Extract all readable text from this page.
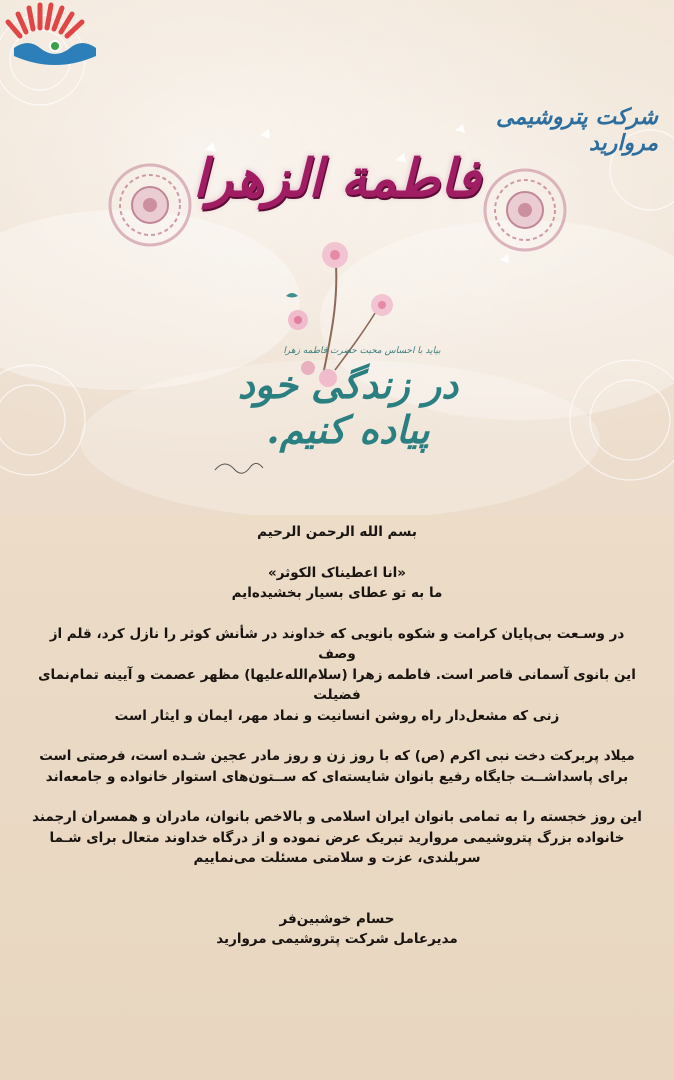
شرکت پتروشیمی مروارید
فاطمة الزهرا
بیاید با احساس محبت حضرت فاطمه زهرا
در زندگی خود پیاده کنیم.

بسم الله الرحمن الرحیم

«انا اعطیناک الکوثر»

ما به تو عطای بسیار بخشیده‌ایم

در وسـعت بی‌پایان کرامت و شکوه بانویی که خداوند در شأنش کوثر را نازل کرد، قلم از وصف

این بانوی آسمانی قاصر است. فاطمه زهرا (سلام‌الله‌علیها) مظهر عصمت و آیینه تمام‌نمای فضیلت

زنی که مشعل‌دار راه روشن انسانیت و نماد مهر، ایمان و ایثار است

میلاد پربرکت دخت نبی اکرم (ص) که با روز زن و روز مادر عجین شـده است، فرصتی است

برای پاسداشــت جایگاه رفیع بانوان شایسته‌ای که ســتون‌های استوار خانواده و جامعه‌اند

این روز خجسته را به تمامی بانوان ایران اسلامی و بالاخص بانوان، مادران و همسران ارجمند

خانواده بزرگ پتروشیمی مروارید تبریک عرض نموده و از درگاه خداوند متعال برای شـما

سربلندی، عزت و سلامتی مسئلت می‌نماییم

حسام خوشبین‌فر

مدیرعامل شرکت پتروشیمی مروارید
